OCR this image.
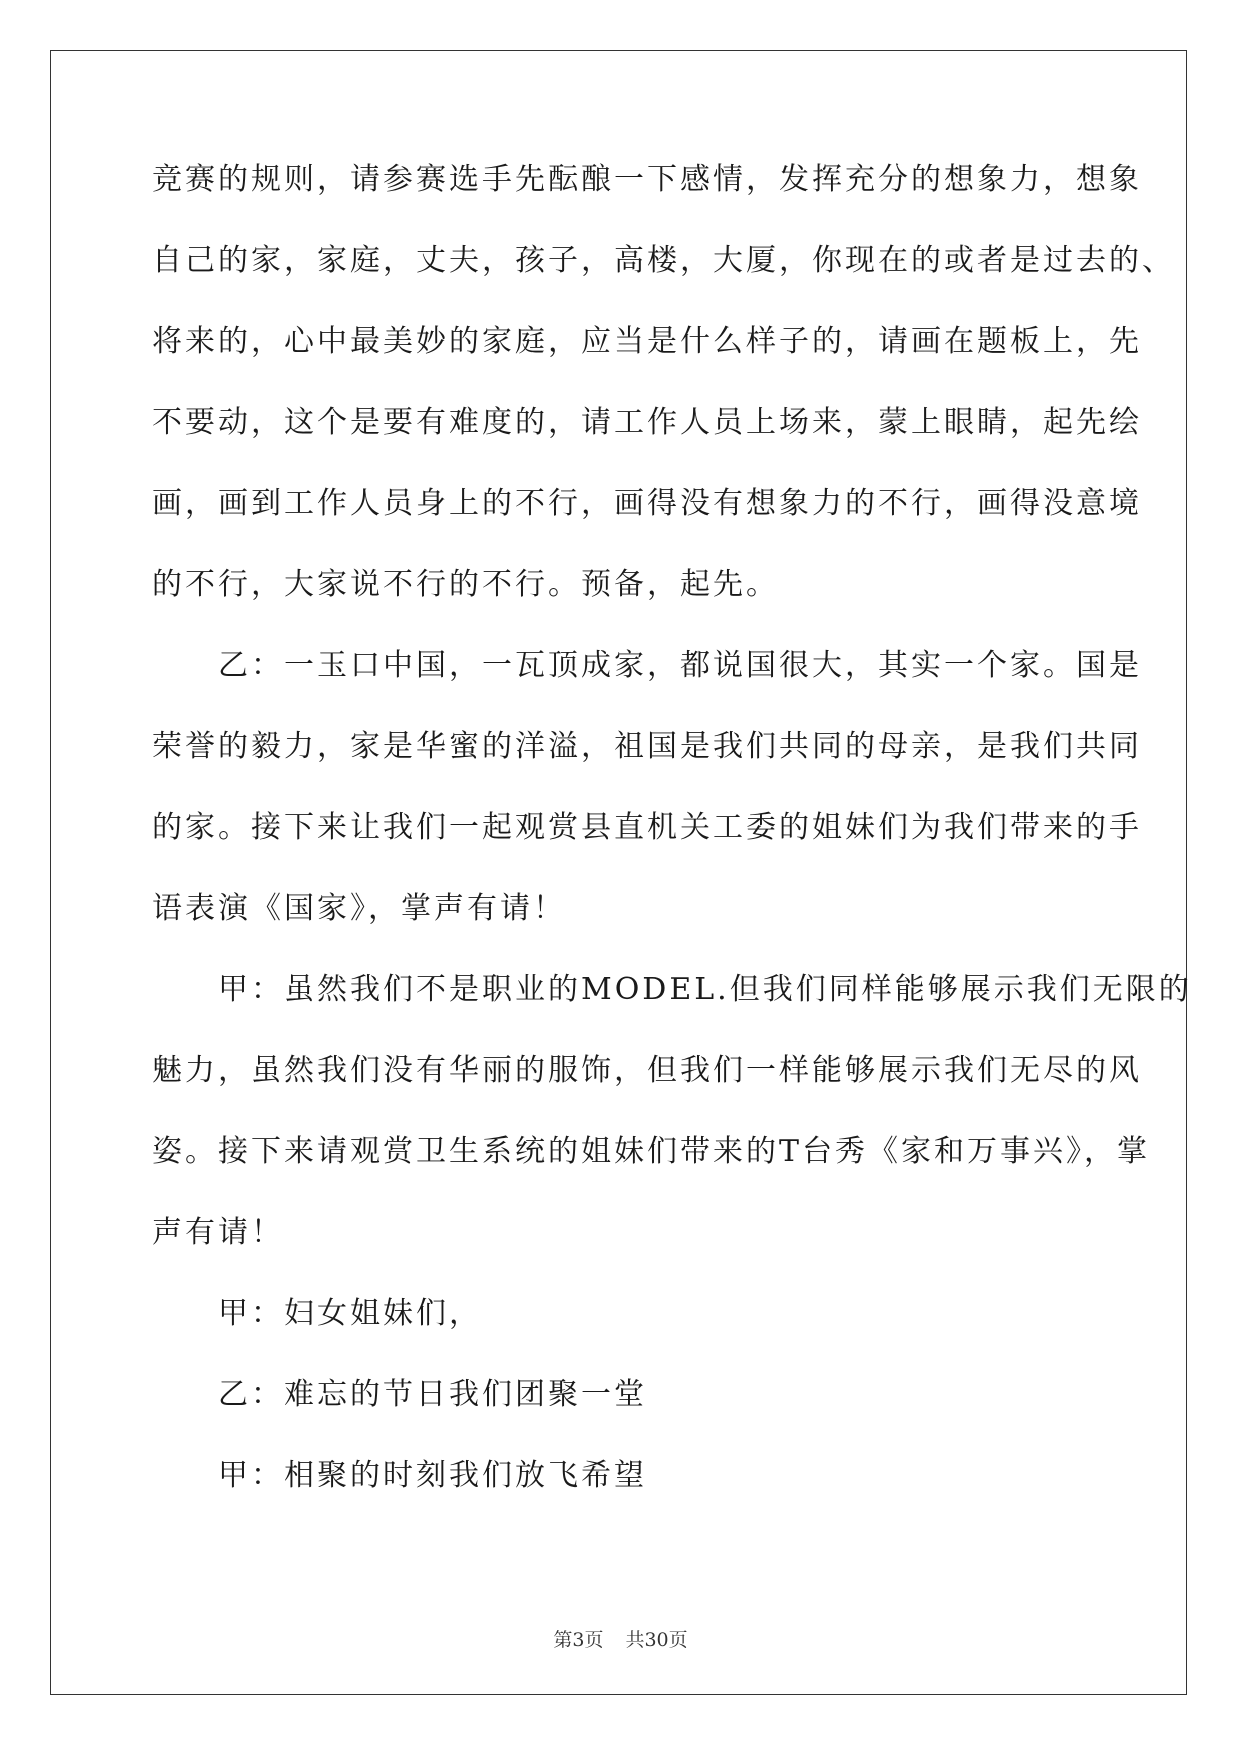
竞赛的规则，请参赛选手先酝酿一下感情，发挥充分的想象力，想象
自己的家，家庭，丈夫，孩子，高楼，大厦，你现在的或者是过去的、
将来的，心中最美妙的家庭，应当是什么样子的，请画在题板上，先
不要动，这个是要有难度的，请工作人员上场来，蒙上眼睛，起先绘
画，画到工作人员身上的不行，画得没有想象力的不行，画得没意境
的不行，大家说不行的不行。预备，起先。
　　乙：一玉口中国，一瓦顶成家，都说国很大，其实一个家。国是
荣誉的毅力，家是华蜜的洋溢，祖国是我们共同的母亲，是我们共同
的家。接下来让我们一起观赏县直机关工委的姐妹们为我们带来的手
语表演《国家》，掌声有请！
　　甲：虽然我们不是职业的MODEL.但我们同样能够展示我们无限的
魅力，虽然我们没有华丽的服饰，但我们一样能够展示我们无尽的风
姿。接下来请观赏卫生系统的姐妹们带来的T台秀《家和万事兴》，掌
声有请！
　　甲：妇女姐妹们，
　　乙：难忘的节日我们团聚一堂
　　甲：相聚的时刻我们放飞希望
第3页 共30页
